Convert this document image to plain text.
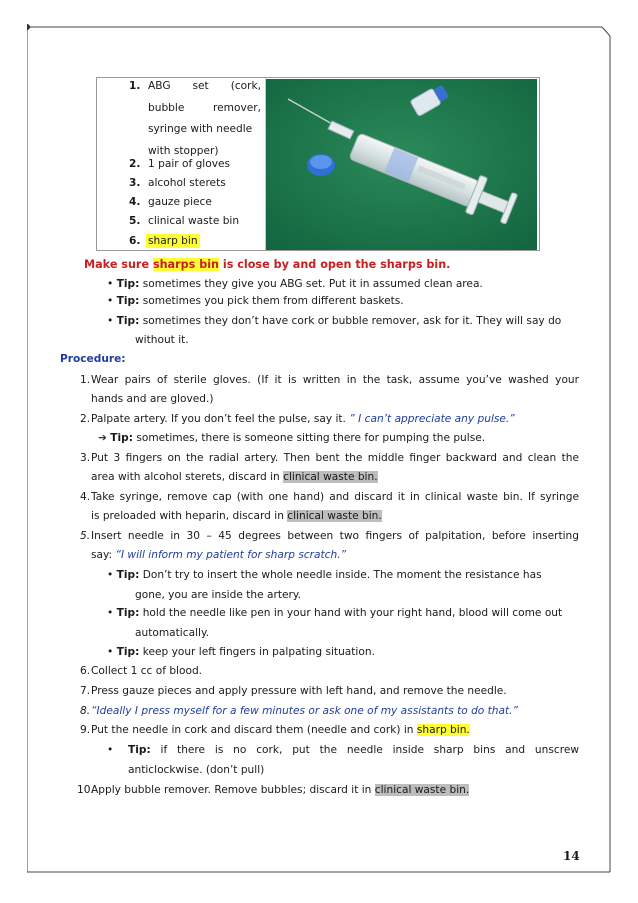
1. ABG set (cork,
bubble remover,
syringe with needle
with stopper)
2. 1 pair of gloves
3. alcohol sterets
4. gauze piece
5. clinical waste bin
6. sharp bin
Make sure sharps bin is close by and open the sharps bin.
• Tip: sometimes they give you ABG set. Put it in assumed clean area.
• Tip: sometimes you pick them from different baskets.
• Tip: sometimes they don’t have cork or bubble remover, ask for it. They will say do
without it.
Procedure:
1. Wear pairs of sterile gloves. (If it is written in the task, assume you’ve washed your
hands and are gloved.)
2. Palpate artery. If you don’t feel the pulse, say it. ” I can’t appreciate any pulse.”
➔ Tip: sometimes, there is someone sitting there for pumping the pulse.
3. Put 3 fingers on the radial artery. Then bent the middle finger backward and clean the
area with alcohol sterets, discard in clinical waste bin.
4. Take syringe, remove cap (with one hand) and discard it in clinical waste bin. If syringe
is preloaded with heparin, discard in clinical waste bin.
5. Insert needle in 30 – 45 degrees between two fingers of palpitation, before inserting
say: “I will inform my patient for sharp scratch.”
• Tip: Don’t try to insert the whole needle inside. The moment the resistance has
gone, you are inside the artery.
• Tip: hold the needle like pen in your hand with your right hand, blood will come out
automatically.
• Tip: keep your left fingers in palpating situation.
6. Collect 1 cc of blood.
7. Press gauze pieces and apply pressure with left hand, and remove the needle.
8. “Ideally I press myself for a few minutes or ask one of my assistants to do that.”
9. Put the needle in cork and discard them (needle and cork) in sharp bin.
• Tip: if there is no cork, put the needle inside sharp bins and unscrew
anticlockwise. (don’t pull)
10.
Apply bubble remover. Remove bubbles; discard it in clinical waste bin.
14
